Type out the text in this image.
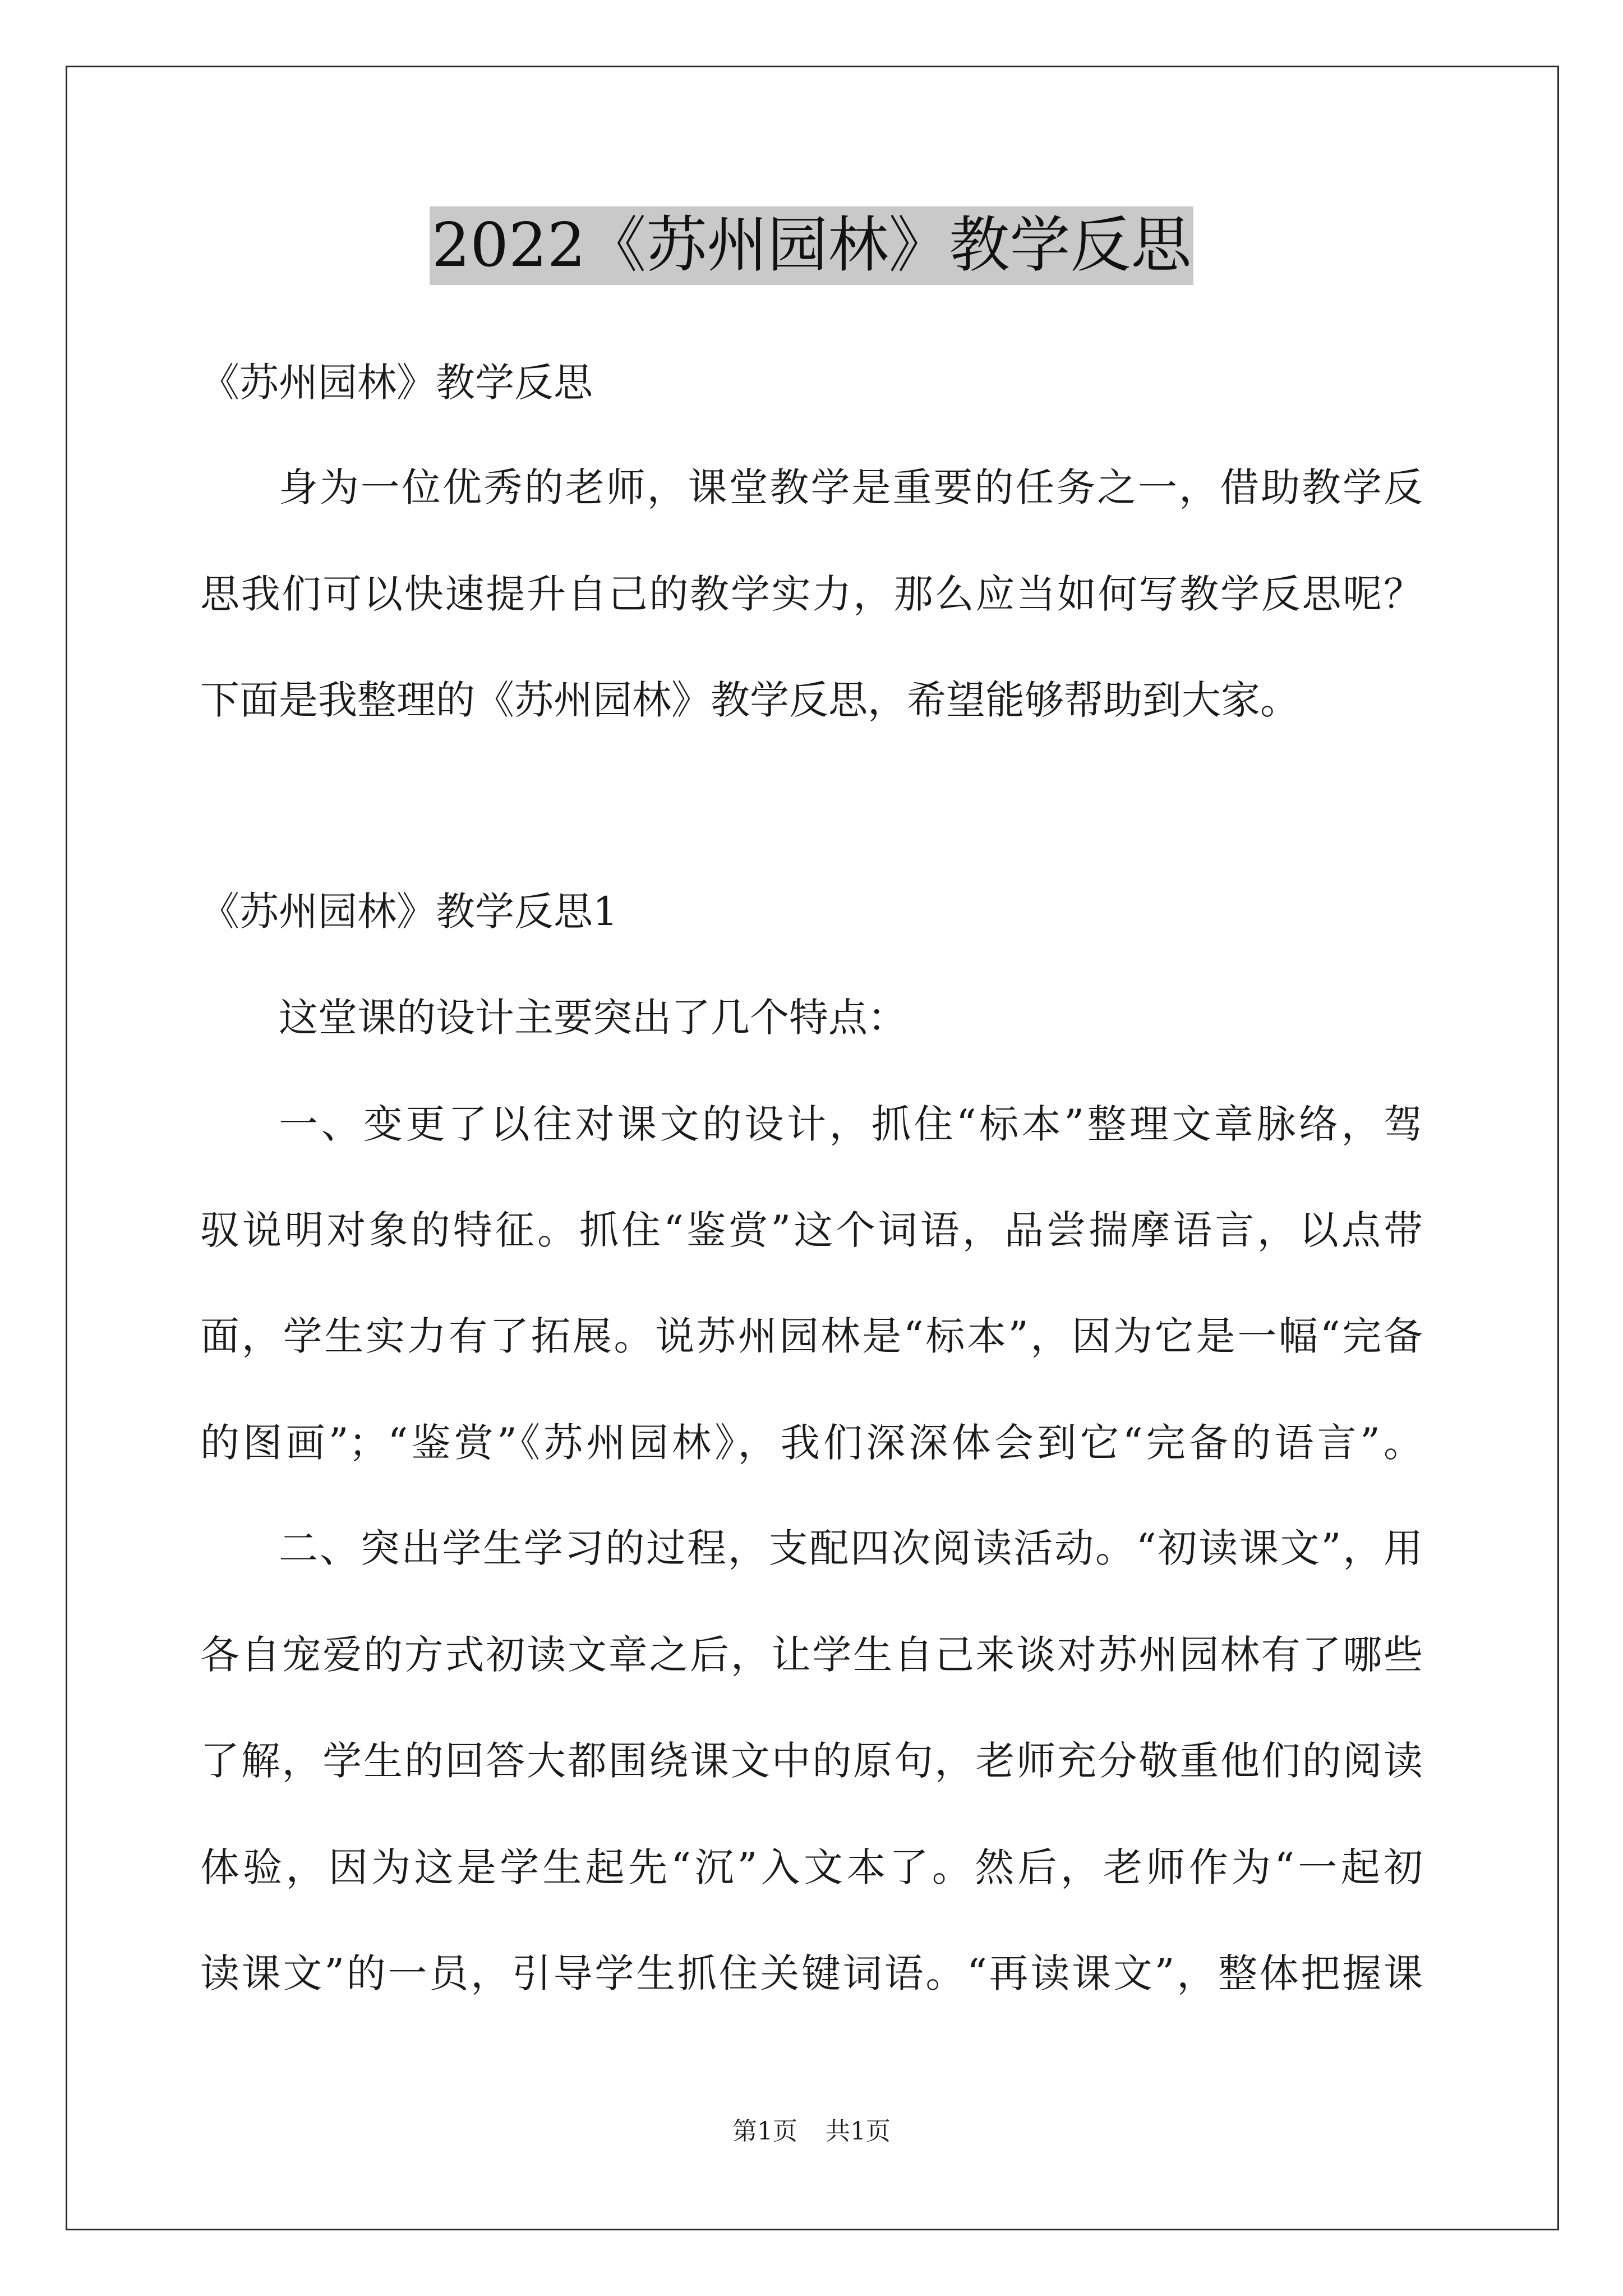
2022《苏州园林》教学反思
《苏州园林》教学反思
身为一位优秀的老师，课堂教学是重要的任务之一，借助教学反
思我们可以快速提升自己的教学实力，那么应当如何写教学反思呢？
下面是我整理的《苏州园林》教学反思，希望能够帮助到大家。
《苏州园林》教学反思1
这堂课的设计主要突出了几个特点：
一、变更了以往对课文的设计，抓住“标本”整理文章脉络，驾
驭说明对象的特征。抓住“鉴赏”这个词语，品尝揣摩语言，以点带
面，学生实力有了拓展。说苏州园林是“标本”，因为它是一幅“完备
的图画”；“鉴赏”《苏州园林》，我们深深体会到它“完备的语言”。
二、突出学生学习的过程，支配四次阅读活动。“初读课文”，用
各自宠爱的方式初读文章之后，让学生自己来谈对苏州园林有了哪些
了解，学生的回答大都围绕课文中的原句，老师充分敬重他们的阅读
体验，因为这是学生起先“沉”入文本了。然后，老师作为“一起初
读课文”的一员，引导学生抓住关键词语。“再读课文”，整体把握课
第1页 共1页
